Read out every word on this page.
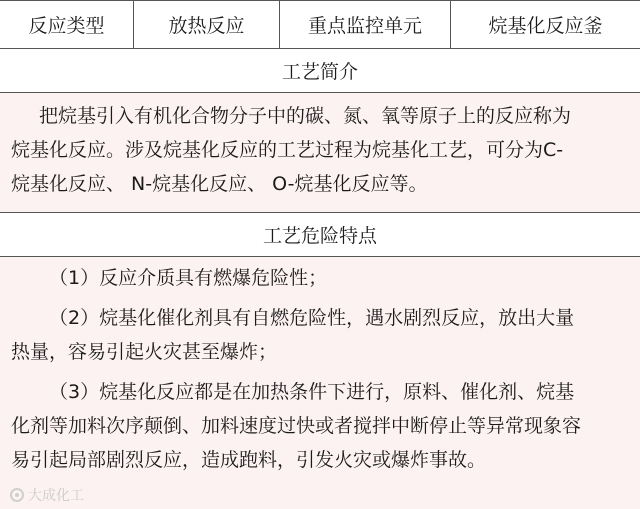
反应类型	放热反应	重点监控单元	烷基化反应釜
工艺简介

把烷基引入有机化合物分子中的碳、氮、氧等原子上的反应称为

烷基化反应。涉及烷基化反应的工艺过程为烷基化工艺，可分为C-

烷基化反应、 N-烷基化反应、 O-烷基化反应等。

工艺危险特点

（1）反应介质具有燃爆危险性；

（2）烷基化催化剂具有自燃危险性，遇水剧烈反应，放出大量

热量，容易引起火灾甚至爆炸；

（3）烷基化反应都是在加热条件下进行，原料、催化剂、烷基

化剂等加料次序颠倒、加料速度过快或者搅拌中断停止等异常现象容

易引起局部剧烈反应，造成跑料，引发火灾或爆炸事故。

大成化工
